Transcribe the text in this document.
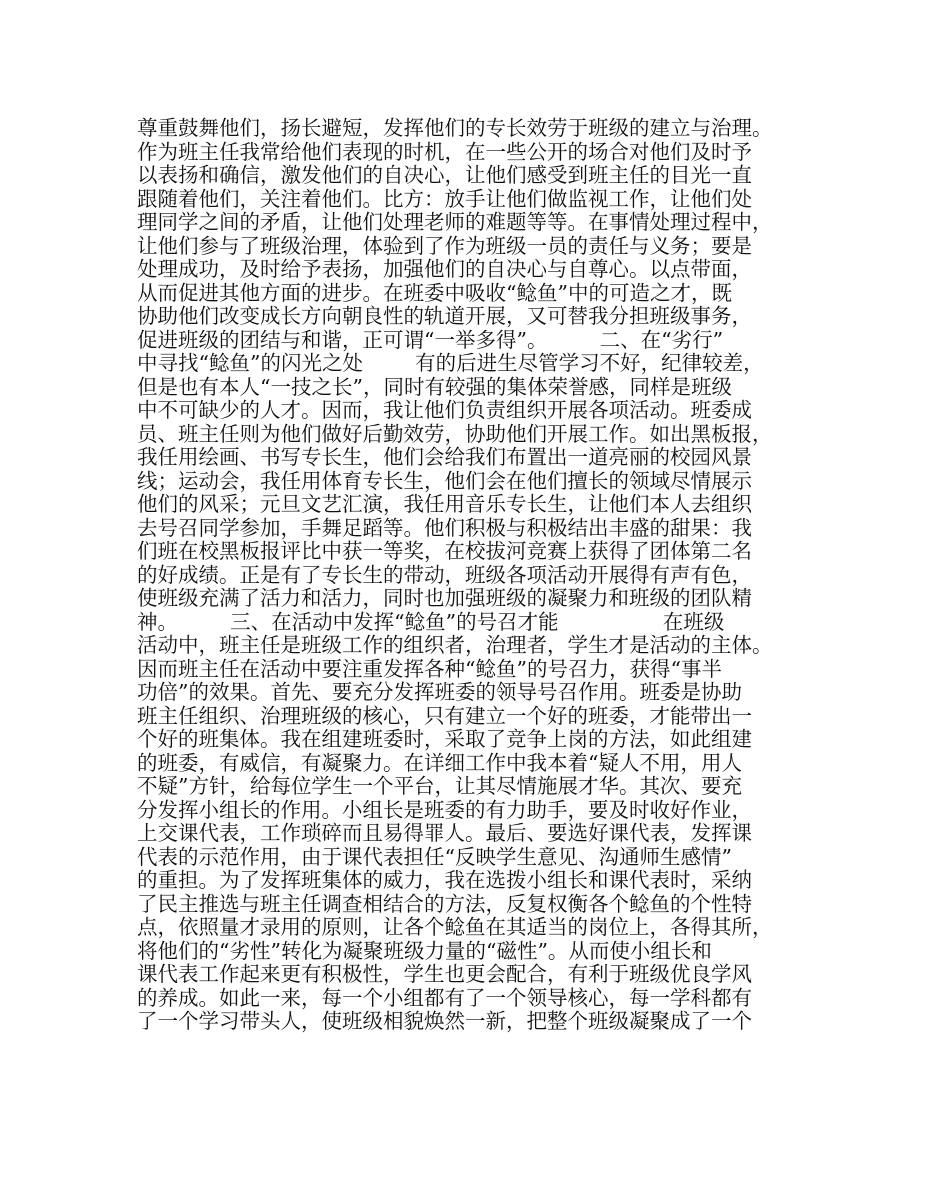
尊重鼓舞他们，扬长避短，发挥他们的专长效劳于班级的建立与治理。
作为班主任我常给他们表现的时机，在一些公开的场合对他们及时予
以表扬和确信，激发他们的自决心，让他们感受到班主任的目光一直
跟随着他们，关注着他们。比方：放手让他们做监视工作，让他们处
理同学之间的矛盾，让他们处理老师的难题等等。在事情处理过程中，
让他们参与了班级治理，体验到了作为班级一员的责任与义务；要是
处理成功，及时给予表扬，加强他们的自决心与自尊心。以点带面，
从而促进其他方面的进步。在班委中吸收“鲶鱼”中的可造之才，既
协助他们改变成长方向朝良性的轨道开展，又可替我分担班级事务，
促进班级的团结与和谐，正可谓“一举多得”。        二、在“劣行”
中寻找“鲶鱼”的闪光之处        有的后进生尽管学习不好，纪律较差，
但是也有本人“一技之长”，同时有较强的集体荣誉感，同样是班级
中不可缺少的人才。因而，我让他们负责组织开展各项活动。班委成
员、班主任则为他们做好后勤效劳，协助他们开展工作。如出黑板报，
我任用绘画、书写专长生，他们会给我们布置出一道亮丽的校园风景
线；运动会，我任用体育专长生，他们会在他们擅长的领域尽情展示
他们的风采；元旦文艺汇演，我任用音乐专长生，让他们本人去组织
去号召同学参加，手舞足蹈等。他们积极与积极结出丰盛的甜果：我
们班在校黑板报评比中获一等奖，在校拔河竞赛上获得了团体第二名
的好成绩。正是有了专长生的带动，班级各项活动开展得有声有色，
使班级充满了活力和活力，同时也加强班级的凝聚力和班级的团队精
神。        三、在活动中发挥“鲶鱼”的号召才能                在班级
活动中，班主任是班级工作的组织者，治理者，学生才是活动的主体。
因而班主任在活动中要注重发挥各种“鲶鱼”的号召力，获得“事半
功倍”的效果。首先、要充分发挥班委的领导号召作用。班委是协助
班主任组织、治理班级的核心，只有建立一个好的班委，才能带出一
个好的班集体。我在组建班委时，采取了竞争上岗的方法，如此组建
的班委，有威信，有凝聚力。在详细工作中我本着“疑人不用，用人
不疑”方针，给每位学生一个平台，让其尽情施展才华。其次、要充
分发挥小组长的作用。小组长是班委的有力助手，要及时收好作业，
上交课代表，工作琐碎而且易得罪人。最后、要选好课代表，发挥课
代表的示范作用，由于课代表担任“反映学生意见、沟通师生感情”
的重担。为了发挥班集体的威力，我在选拨小组长和课代表时，采纳
了民主推选与班主任调查相结合的方法，反复权衡各个鲶鱼的个性特
点，依照量才录用的原则，让各个鲶鱼在其适当的岗位上，各得其所，
将他们的“劣性”转化为凝聚班级力量的“磁性”。从而使小组长和
课代表工作起来更有积极性，学生也更会配合，有利于班级优良学风
的养成。如此一来，每一个小组都有了一个领导核心，每一学科都有
了一个学习带头人，使班级相貌焕然一新，把整个班级凝聚成了一个
